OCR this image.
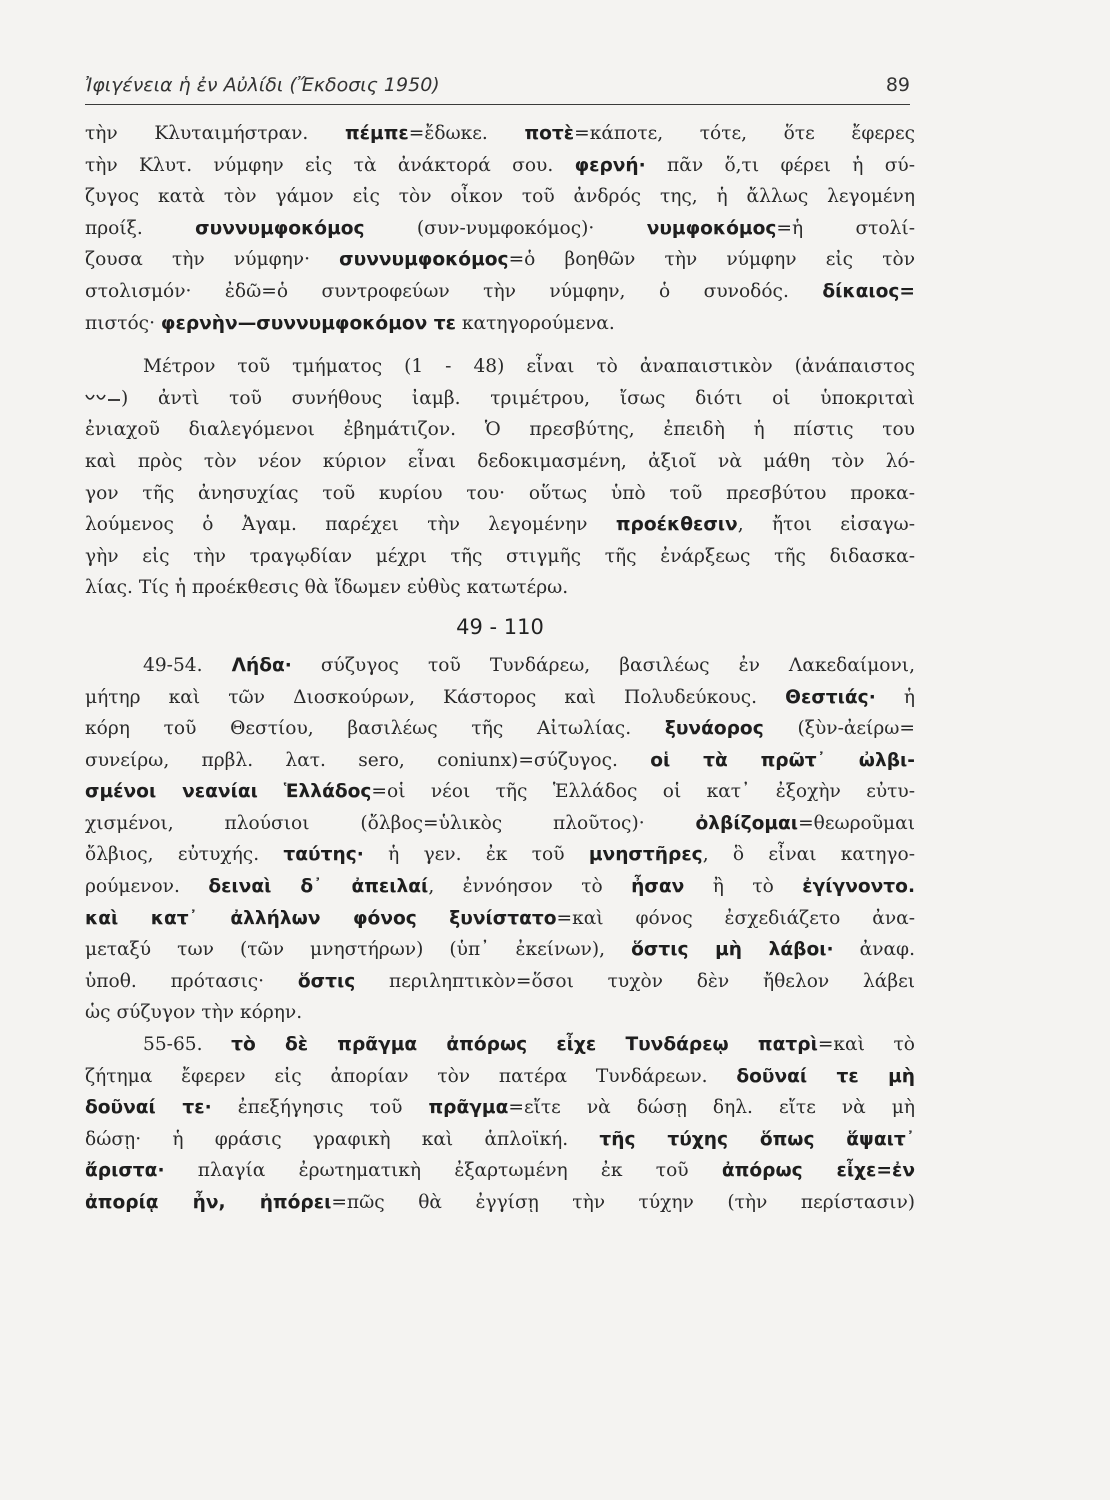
Ἰφιγένεια ἡ ἐν Αὐλίδι (Ἔκδοσις 1950)	89
τὴν Κλυταιμήστραν. πέμπε=ἔδωκε. ποτὲ=κάποτε, τότε, ὅτε ἔφερες
τὴν Κλυτ. νύμφην εἰς τὰ ἀνάκτορά σου. φερνή· πᾶν ὅ,τι φέρει ἡ σύ-
ζυγος κατὰ τὸν γάμον εἰς τὸν οἶκον τοῦ ἀνδρός της, ἡ ἄλλως λεγομένη
προίξ. συννυμφοκόμος (συν-νυμφοκόμος)· νυμφοκόμος=ἡ στολί-
ζουσα τὴν νύμφην· συννυμφοκόμος=ὁ βοηθῶν τὴν νύμφην εἰς τὸν
στολισμόν· ἐδῶ=ὁ συντροφεύων τὴν νύμφην, ὁ συνοδός. δίκαιος=
πιστός· φερνὴν—συννυμφοκόμον τε κατηγορούμενα.
Μέτρον τοῦ τμήματος (1 - 48) εἶναι τὸ ἀναπαιστικὸν (ἀνάπαιστος
) ἀντὶ τοῦ συνήθους ἰαμβ. τριμέτρου, ἴσως διότι οἱ ὑποκριταὶ
ἐνιαχοῦ διαλεγόμενοι ἐβημάτιζον. Ὁ πρεσβύτης, ἐπειδὴ ἡ πίστις του
καὶ πρὸς τὸν νέον κύριον εἶναι δεδοκιμασμένη, ἀξιοῖ νὰ μάθη τὸν λό-
γον τῆς ἀνησυχίας τοῦ κυρίου του· οὕτως ὑπὸ τοῦ πρεσβύτου προκα-
λούμενος ὁ Ἀγαμ. παρέχει τὴν λεγομένην προέκθεσιν, ἤτοι εἰσαγω-
γὴν εἰς τὴν τραγῳδίαν μέχρι τῆς στιγμῆς τῆς ἐνάρξεως τῆς διδασκα-
λίας. Τίς ἡ προέκθεσις θὰ ἴδωμεν εὐθὺς κατωτέρω.
49 - 110
49-54. Λήδα· σύζυγος τοῦ Τυνδάρεω, βασιλέως ἐν Λακεδαίμονι,
μήτηρ καὶ τῶν Διοσκούρων, Κάστορος καὶ Πολυδεύκους. Θεστιάς· ἡ
κόρη τοῦ Θεστίου, βασιλέως τῆς Αἰτωλίας. ξυνάορος (ξὺν-ἀείρω=
συνείρω, πρβλ. λατ. sero, coniunx)=σύζυγος. οἱ τὰ πρῶτ᾽ ὠλβι-
σμένοι νεανίαι Ἑλλάδος=οἱ νέοι τῆς Ἑλλάδος οἱ κατ᾽ ἐξοχὴν εὐτυ-
χισμένοι, πλούσιοι (ὄλβος=ὑλικὸς πλοῦτος)· ὀλβίζομαι=θεωροῦμαι
ὄλβιος, εὐτυχής. ταύτης· ἡ γεν. ἐκ τοῦ μνηστῆρες, ὃ εἶναι κατηγο-
ρούμενον. δειναὶ δ᾽ ἀπειλαί, ἐννόησον τὸ ἦσαν ἢ τὸ ἐγίγνοντο.
καὶ κατ᾽ ἀλλήλων φόνος ξυνίστατο=καὶ φόνος ἐσχεδιάζετο ἀνα-
μεταξύ των (τῶν μνηστήρων) (ὑπ᾽ ἐκείνων), ὅστις μὴ λάβοι· ἀναφ.
ὑποθ. πρότασις· ὅστις περιληπτικὸν=ὅσοι τυχὸν δὲν ἤθελον λάβει
ὡς σύζυγον τὴν κόρην.
55-65. τὸ δὲ πρᾶγμα ἀπόρως εἶχε Τυνδάρεῳ πατρὶ=καὶ τὸ
ζήτημα ἔφερεν εἰς ἀπορίαν τὸν πατέρα Τυνδάρεων. δοῦναί τε μὴ
δοῦναί τε· ἐπεξήγησις τοῦ πρᾶγμα=εἴτε νὰ δώσῃ δηλ. εἴτε νὰ μὴ
δώσῃ· ἡ φράσις γραφικὴ καὶ ἁπλοϊκή. τῆς τύχης ὅπως ἅψαιτ᾽
ἄριστα· πλαγία ἐρωτηματικὴ ἐξαρτωμένη ἐκ τοῦ ἀπόρως εἶχε=ἐν
ἀπορίᾳ ἦν, ἠπόρει=πῶς θὰ ἐγγίσῃ τὴν τύχην (τὴν περίστασιν)
